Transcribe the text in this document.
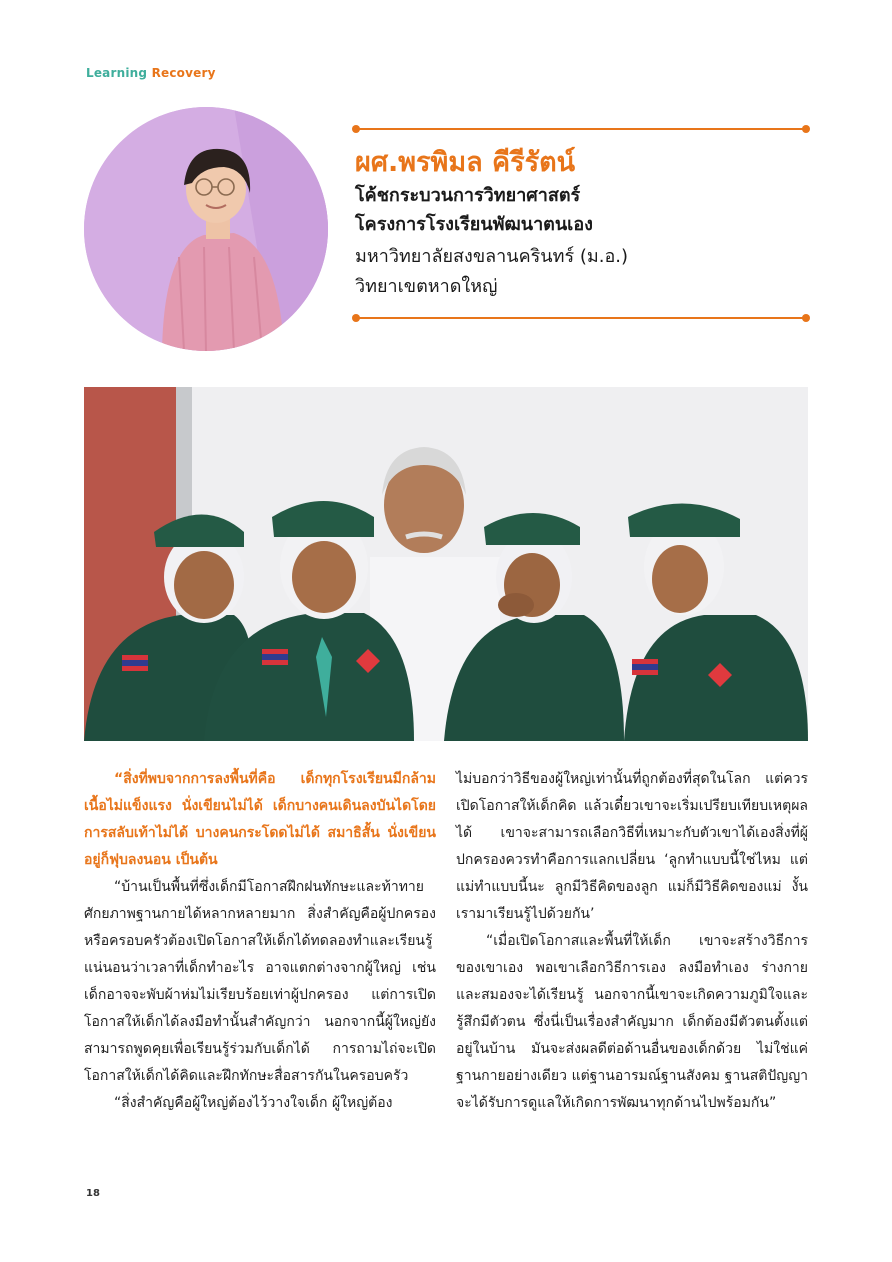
Learning Recovery
ผศ.พรพิมล คีรีรัตน์
โค้ชกระบวนการวิทยาศาสตร์
โครงการโรงเรียนพัฒนาตนเอง
มหาวิทยาลัยสงขลานครินทร์ (ม.อ.)
วิทยาเขตหาดใหญ่

“สิ่งที่พบจากการลงพื้นที่คือ เด็กทุกโรงเรียนมีกล้ามเนื้อไม่แข็งแรง นั่งเขียนไม่ได้ เด็กบางคนเดินลงบันไดโดยการสลับเท้าไม่ได้ บางคนกระโดดไม่ได้ สมาธิสั้น นั่งเขียนอยู่ก็ฟุบลงนอน เป็นต้น

“บ้านเป็นพื้นที่ซึ่งเด็กมีโอกาสฝึกฝนทักษะและท้าทายศักยภาพฐานกายได้หลากหลายมาก สิ่งสำคัญคือผู้ปกครองหรือครอบครัวต้องเปิดโอกาสให้เด็กได้ทดลองทำและเรียนรู้ แน่นอนว่าเวลาที่เด็กทำอะไร อาจแตกต่างจากผู้ใหญ่ เช่น เด็กอาจจะพับผ้าห่มไม่เรียบร้อยเท่าผู้ปกครอง แต่การเปิดโอกาสให้เด็กได้ลงมือทำนั้นสำคัญกว่า นอกจากนี้ผู้ใหญ่ยังสามารถพูดคุยเพื่อเรียนรู้ร่วมกับเด็กได้ การถามไถ่จะเปิดโอกาสให้เด็กได้คิดและฝึกทักษะสื่อสารกันในครอบครัว

“สิ่งสำคัญคือผู้ใหญ่ต้องไว้วางใจเด็ก ผู้ใหญ่ต้อง

ไม่บอกว่าวิธีของผู้ใหญ่เท่านั้นที่ถูกต้องที่สุดในโลก แต่ควรเปิดโอกาสให้เด็กคิด แล้วเดี๋ยวเขาจะเริ่มเปรียบเทียบเหตุผลได้ เขาจะสามารถเลือกวิธีที่เหมาะกับตัวเขาได้เองสิ่งที่ผู้ปกครองควรทำคือการแลกเปลี่ยน ‘ลูกทำแบบนี้ใช่ไหม แต่แม่ทำแบบนี้นะ ลูกมีวิธีคิดของลูก แม่ก็มีวิธีคิดของแม่ งั้นเรามาเรียนรู้ไปด้วยกัน’

“เมื่อเปิดโอกาสและพื้นที่ให้เด็ก เขาจะสร้างวิธีการของเขาเอง พอเขาเลือกวิธีการเอง ลงมือทำเอง ร่างกายและสมองจะได้เรียนรู้ นอกจากนี้เขาจะเกิดความภูมิใจและรู้สึกมีตัวตน ซึ่งนี่เป็นเรื่องสำคัญมาก เด็กต้องมีตัวตนตั้งแต่อยู่ในบ้าน มันจะส่งผลดีต่อด้านอื่นของเด็กด้วย ไม่ใช่แค่ฐานกายอย่างเดียว แต่ฐานอารมณ์ฐานสังคม ฐานสติปัญญา จะได้รับการดูแลให้เกิดการพัฒนาทุกด้านไปพร้อมกัน”

18
